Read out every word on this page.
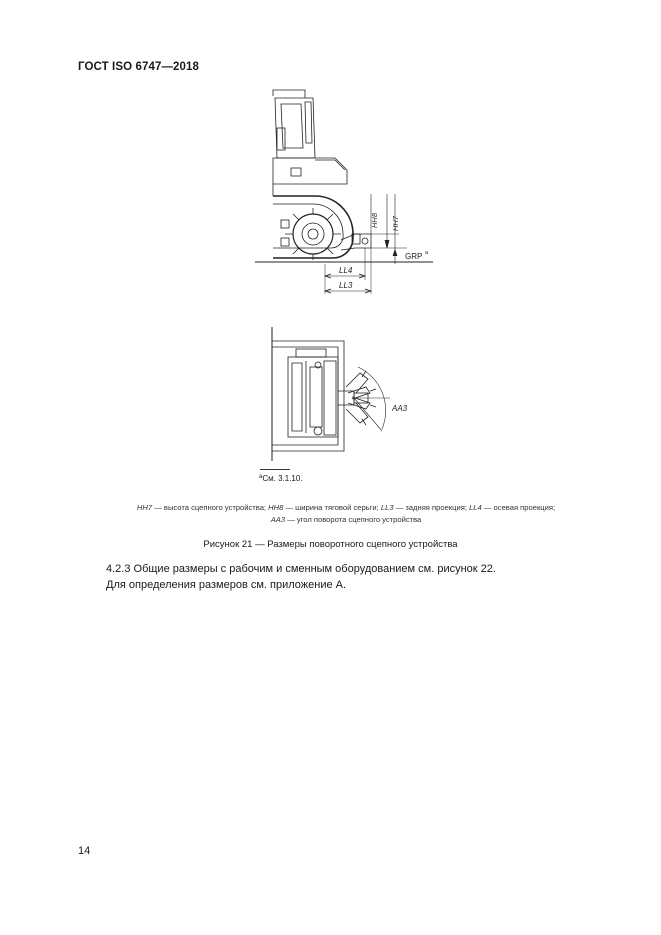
ГОСТ ISO 6747—2018
HH8 HH7
GRP a
LL4
LL3
AA3
$^a$См. 3.1.10.
HH7 — высота сцепного устройства; HH8 — ширина тяговой серьги; LL3 — задняя проекция; LL4 — осевая проекция;
AA3 — угол поворота сцепного устройства
Рисунок 21 — Размеры поворотного сцепного устройства
4.2.3 Общие размеры с рабочим и сменным оборудованием см. рисунок 22.
Для определения размеров см. приложение А.
14
